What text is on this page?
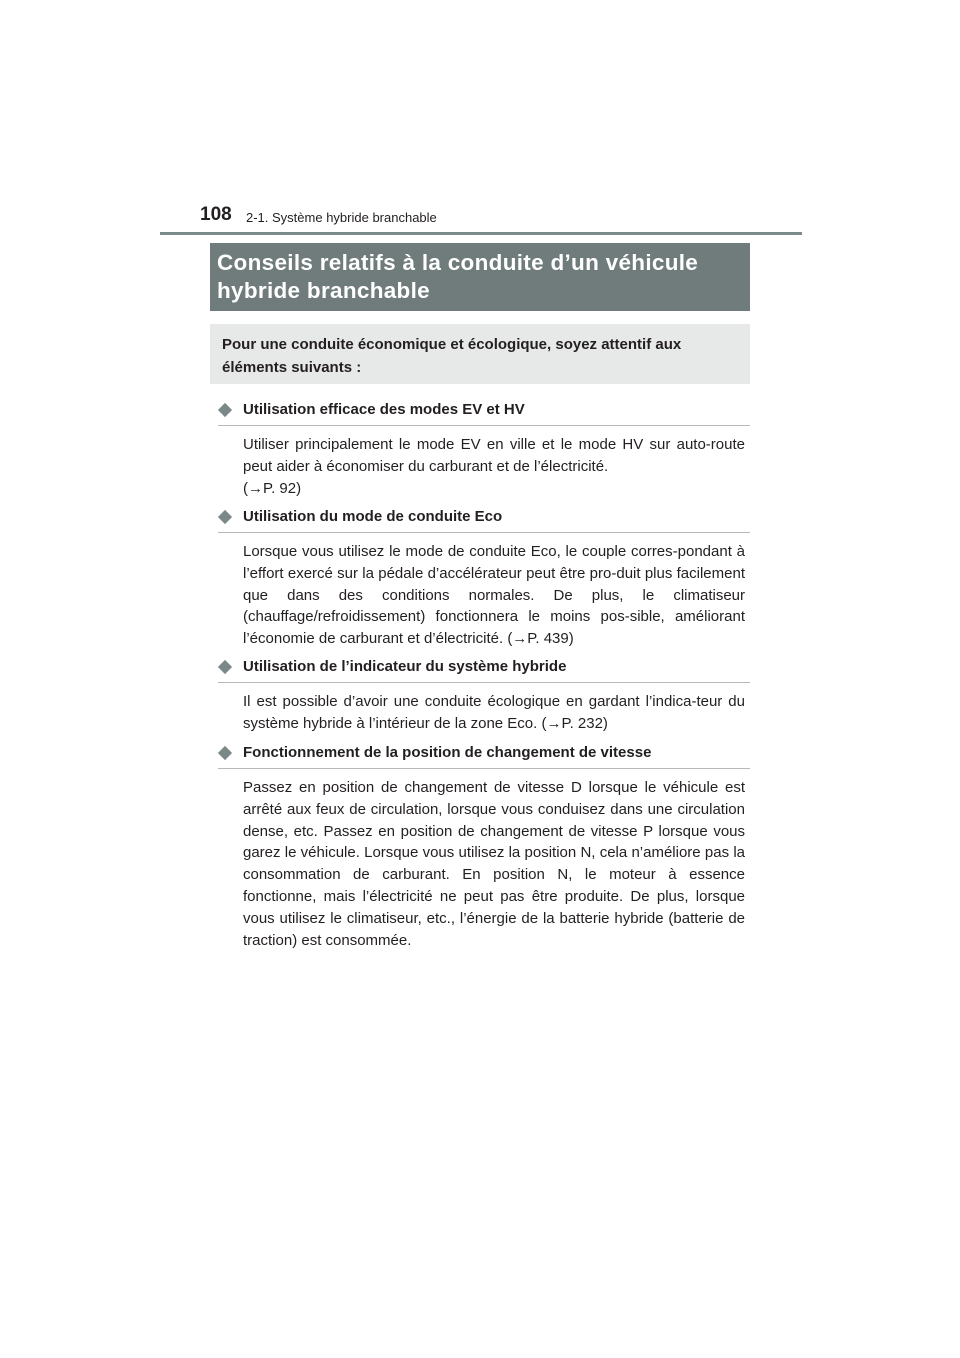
108 2-1. Système hybride branchable
Conseils relatifs à la conduite d’un véhicule hybride branchable
Pour une conduite économique et écologique, soyez attentif aux éléments suivants :
Utilisation efficace des modes EV et HV
Utiliser principalement le mode EV en ville et le mode HV sur auto-route peut aider à économiser du carburant et de l’électricité.
(→P. 92)
Utilisation du mode de conduite Eco
Lorsque vous utilisez le mode de conduite Eco, le couple corres-pondant à l’effort exercé sur la pédale d’accélérateur peut être pro-duit plus facilement que dans des conditions normales. De plus, le climatiseur (chauffage/refroidissement) fonctionnera le moins pos-sible, améliorant l’économie de carburant et d’électricité. (→P. 439)
Utilisation de l’indicateur du système hybride
Il est possible d’avoir une conduite écologique en gardant l’indica-teur du système hybride à l’intérieur de la zone Eco. (→P. 232)
Fonctionnement de la position de changement de vitesse
Passez en position de changement de vitesse D lorsque le véhicule est arrêté aux feux de circulation, lorsque vous conduisez dans une circulation dense, etc. Passez en position de changement de vitesse P lorsque vous garez le véhicule. Lorsque vous utilisez la position N, cela n’améliore pas la consommation de carburant. En position N, le moteur à essence fonctionne, mais l’électricité ne peut pas être produite. De plus, lorsque vous utilisez le climatiseur, etc., l’énergie de la batterie hybride (batterie de traction) est consommée.
